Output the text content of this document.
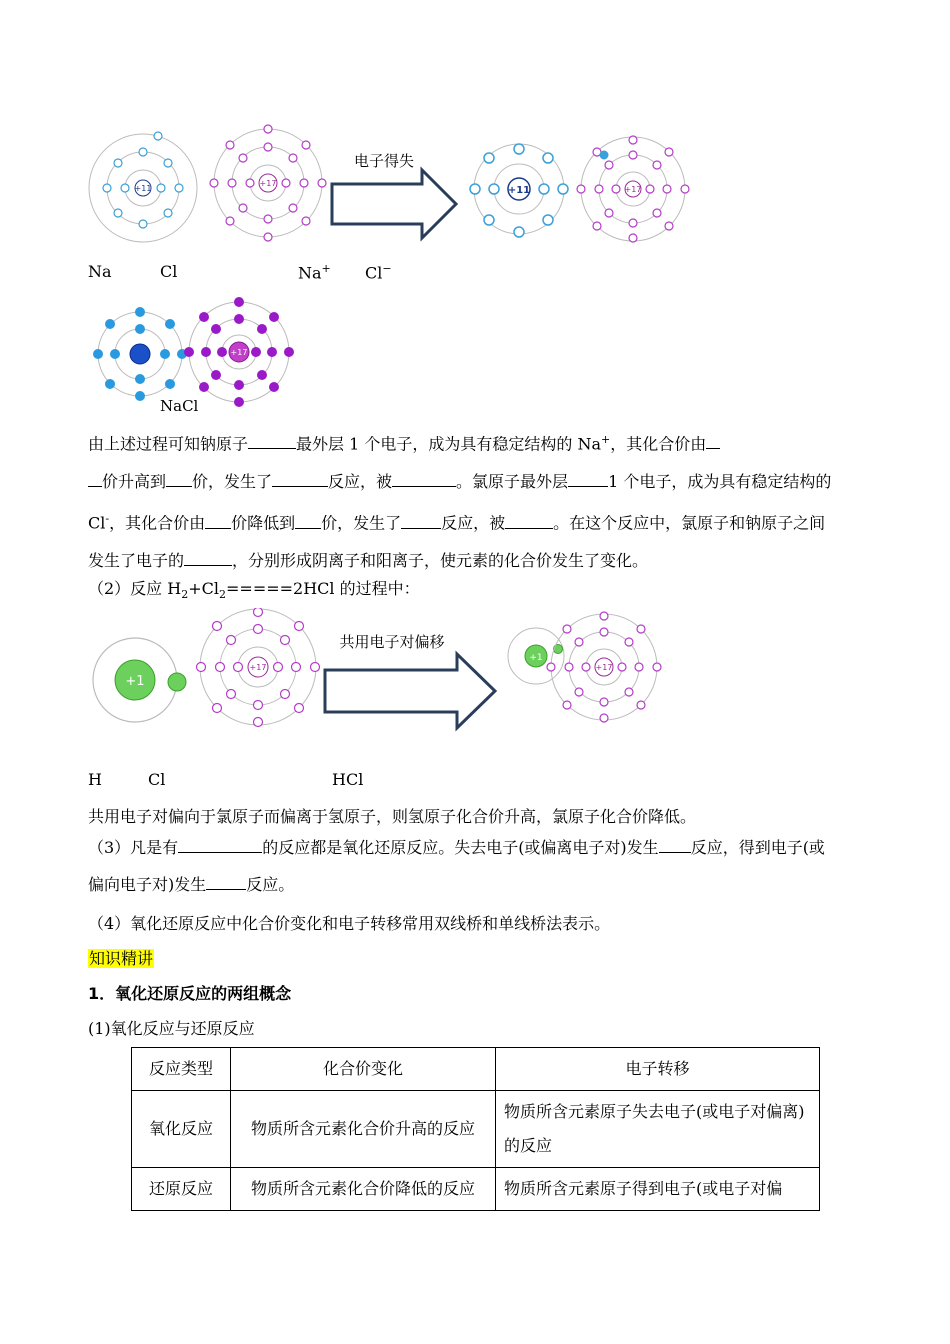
+11
+17
电子得失
+11	+17
Na	Cl	Na+ Cl−
+17
NaCl
由上述过程可知钠原子	最外层 1 个电子，成为具有稳定结构的 Na+，其化合价由
价升高到 价，发生了	反应，被	。氯原子最外层	1 个电子，成为具有稳定结构的
Cl-，其化合价由 价降低到 价，发生了	反应，被	。在这个反应中，氯原子和钠原子之间
发生了电子的	，分别形成阴离子和阳离子，使元素的化合价发生了变化。
（2）反应 $H_2+Cl_2=====2HCl$ 的过程中：
+1
+17
共用电子对偏移
+1
+17
H	Cl	HCl
共用电子对偏向于氯原子而偏离于氢原子，则氢原子化合价升高，氯原子化合价降低。
（3）凡是有	的反应都是氧化还原反应。失去电子(或偏离电子对)发生 反应，得到电子(或
偏向电子对)发生	反应。
（4）氧化还原反应中化合价变化和电子转移常用双线桥和单线桥法表示。
知识精讲
1．氧化还原反应的两组概念
(1)氧化反应与还原反应
反应类型	化合价变化	电子转移
氧化反应	物质所含元素化合价升高的反应	物质所含元素原子失去电子(或电子对偏离)的反应
还原反应	物质所含元素化合价降低的反应	物质所含元素原子得到电子(或电子对偏
